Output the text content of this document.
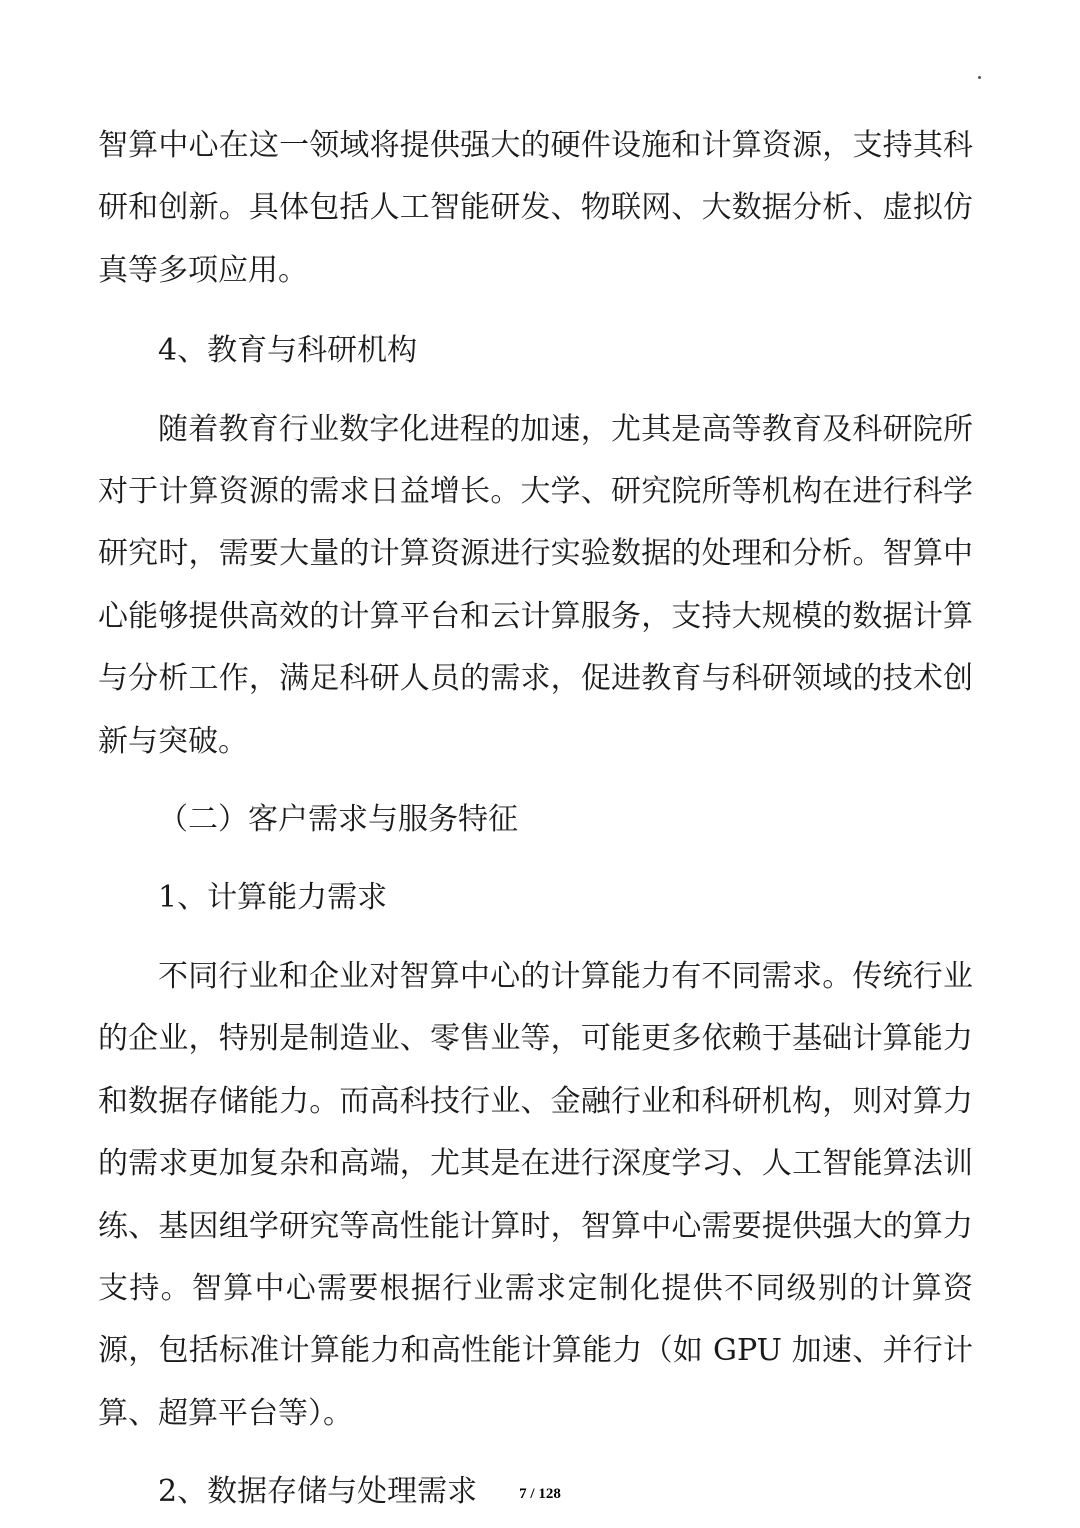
智算中心在这一领域将提供强大的硬件设施和计算资源，支持其科研和创新。具体包括人工智能研发、物联网、大数据分析、虚拟仿真等多项应用。

4、教育与科研机构

随着教育行业数字化进程的加速，尤其是高等教育及科研院所对于计算资源的需求日益增长。大学、研究院所等机构在进行科学研究时，需要大量的计算资源进行实验数据的处理和分析。智算中心能够提供高效的计算平台和云计算服务，支持大规模的数据计算与分析工作，满足科研人员的需求，促进教育与科研领域的技术创新与突破。

（二）客户需求与服务特征

1、计算能力需求

不同行业和企业对智算中心的计算能力有不同需求。传统行业的企业，特别是制造业、零售业等，可能更多依赖于基础计算能力和数据存储能力。而高科技行业、金融行业和科研机构，则对算力的需求更加复杂和高端，尤其是在进行深度学习、人工智能算法训练、基因组学研究等高性能计算时，智算中心需要提供强大的算力支持。智算中心需要根据行业需求定制化提供不同级别的计算资源，包括标准计算能力和高性能计算能力（如 GPU 加速、并行计算、超算平台等）。

2、数据存储与处理需求	7 / 128
